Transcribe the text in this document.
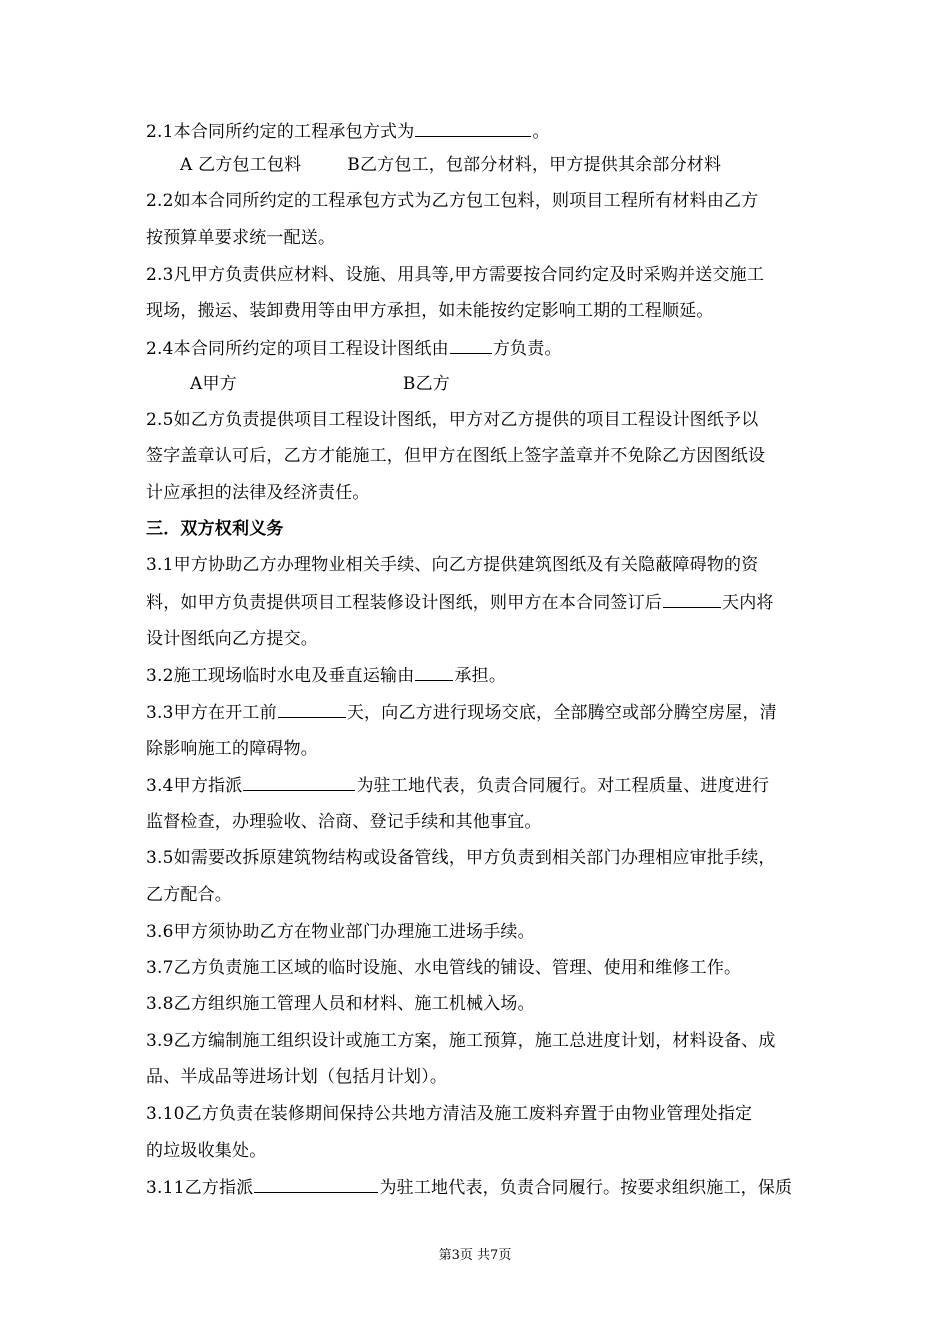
2.1本合同所约定的工程承包方式为	。
A 乙方包工包料	B乙方包工，包部分材料，甲方提供其余部分材料
2.2如本合同所约定的工程承包方式为乙方包工包料，则项目工程所有材料由乙方
按预算单要求统一配送。
2.3凡甲方负责供应材料、设施、用具等,甲方需要按合同约定及时采购并送交施工
现场，搬运、装卸费用等由甲方承担，如未能按约定影响工期的工程顺延。
2.4本合同所约定的项目工程设计图纸由	方负责。
A甲方	B乙方
2.5如乙方负责提供项目工程设计图纸，甲方对乙方提供的项目工程设计图纸予以
签字盖章认可后，乙方才能施工，但甲方在图纸上签字盖章并不免除乙方因图纸设
计应承担的法律及经济责任。
三．双方权利义务
3.1甲方协助乙方办理物业相关手续、向乙方提供建筑图纸及有关隐蔽障碍物的资
料，如甲方负责提供项目工程装修设计图纸，则甲方在本合同签订后	天内将
设计图纸向乙方提交。
3.2施工现场临时水电及垂直运输由 承担。
3.3甲方在开工前	天，向乙方进行现场交底，全部腾空或部分腾空房屋，清
除影响施工的障碍物。
3.4甲方指派	为驻工地代表，负责合同履行。对工程质量、进度进行
监督检查，办理验收、洽商、登记手续和其他事宜。
3.5如需要改拆原建筑物结构或设备管线，甲方负责到相关部门办理相应审批手续，
乙方配合。
3.6甲方须协助乙方在物业部门办理施工进场手续。
3.7乙方负责施工区域的临时设施、水电管线的铺设、管理、使用和维修工作。
3.8乙方组织施工管理人员和材料、施工机械入场。
3.9乙方编制施工组织设计或施工方案，施工预算，施工总进度计划，材料设备、成
品、半成品等进场计划（包括月计划）。
3.10乙方负责在装修期间保持公共地方清洁及施工废料弃置于由物业管理处指定
的垃圾收集处。
3.11乙方指派	为驻工地代表，负责合同履行。按要求组织施工，保质
第3页 共7页
